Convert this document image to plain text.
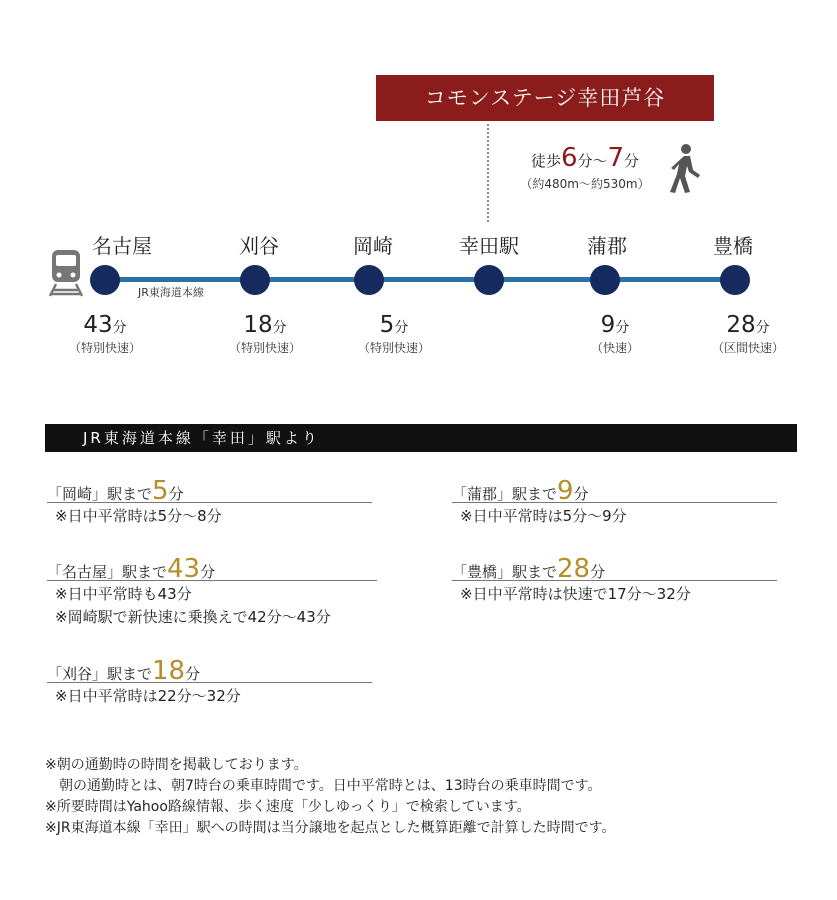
コモンステージ幸田芦谷
徒歩6分～7分
（約480m～約530m）
JR東海道本線
名古屋
43分
（特別快速）
刈谷
18分
（特別快速）
岡崎
5分
（特別快速）
幸田駅	蒲郡
9分
（快速）
豊橋
28分
（区間快速）
JR東海道本線「幸田」駅より
「岡崎」駅まで5分
※日中平常時は5分～8分
「名古屋」駅まで43分
※日中平常時も43分
※岡崎駅で新快速に乗換えで42分～43分
「刈谷」駅まで18分
※日中平常時は22分～32分
「蒲郡」駅まで9分
※日中平常時は5分～9分
「豊橋」駅まで28分
※日中平常時は快速で17分～32分
※朝の通勤時の時間を掲載しております。
　朝の通勤時とは、朝7時台の乗車時間です。日中平常時とは、13時台の乗車時間です。
※所要時間はYahoo路線情報、歩く速度「少しゆっくり」で検索しています。
※JR東海道本線「幸田」駅への時間は当分譲地を起点とした概算距離で計算した時間です。
